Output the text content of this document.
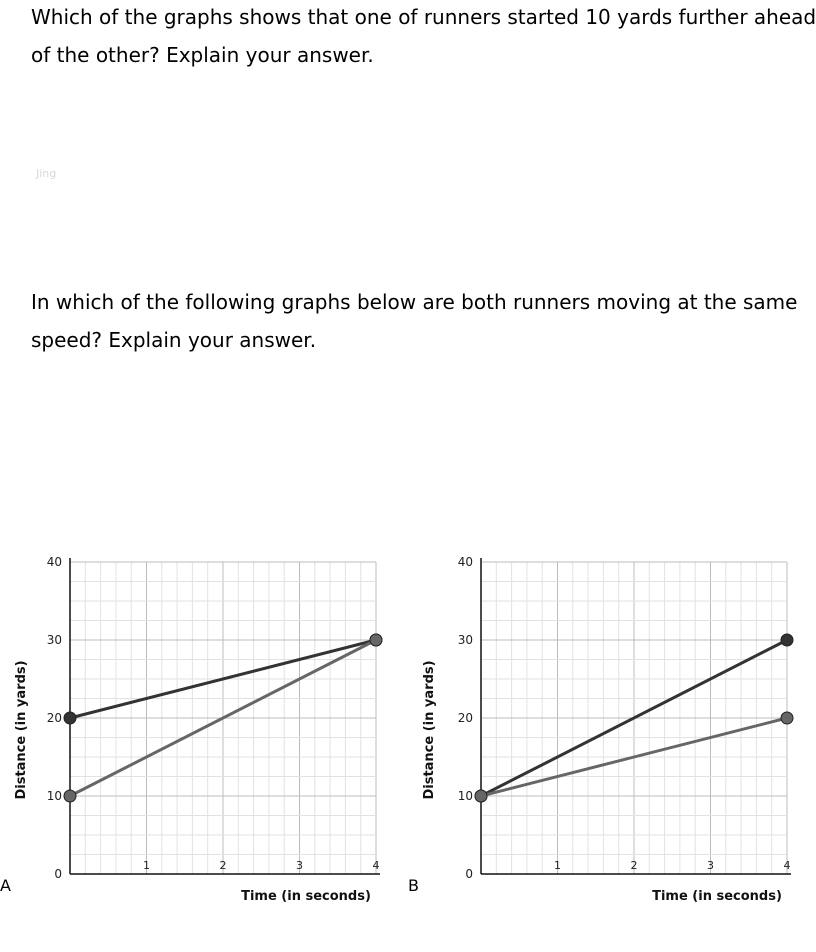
Which of the graphs shows that one of runners started 10 yards further ahead of the other? Explain your answer.

Jing

In which of the following graphs below are both runners moving at the same speed? Explain your answer.

0
10
20
30
40
1	2	3	4
Time (in seconds)
Distance (in yards)
A
0
10
20
30
40
1	2	3	4
Time (in seconds)
Distance (in yards)
B
